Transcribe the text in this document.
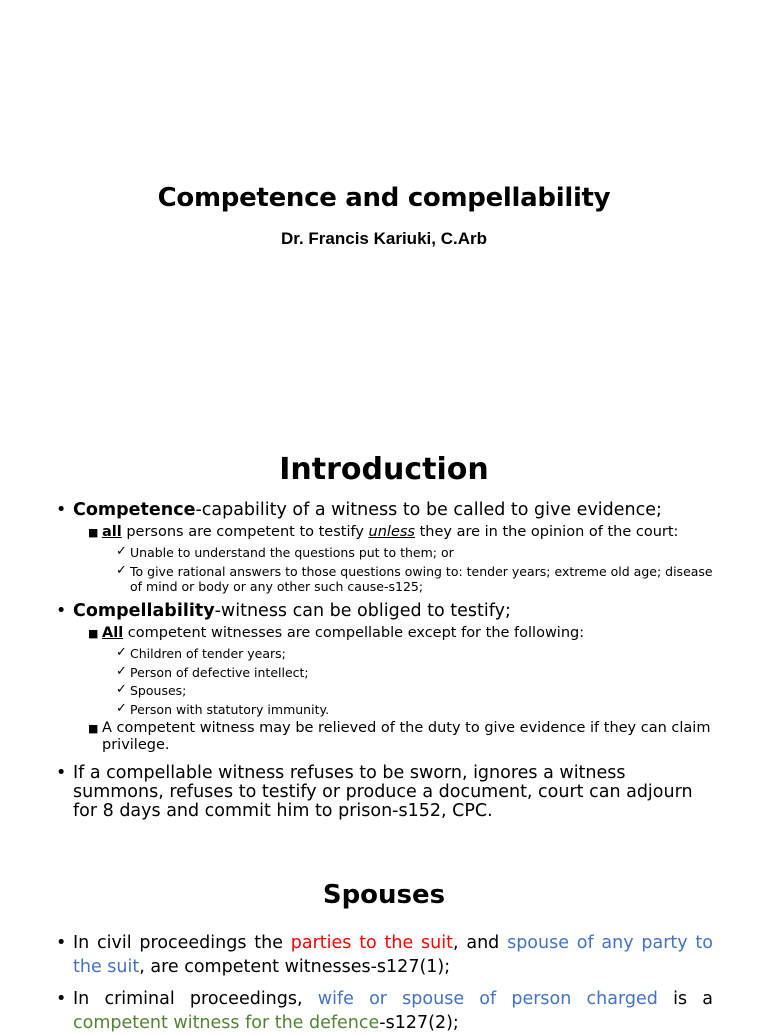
Competence and compellability
Dr. Francis Kariuki, C.Arb
Introduction
• Competence-capability of a witness to be called to give evidence;
■ all persons are competent to testify unless they are in the opinion of the court:
✓ Unable to understand the questions put to them; or
✓ To give rational answers to those questions owing to: tender years; extreme old age; disease of mind or body or any other such cause-s125;
• Compellability-witness can be obliged to testify;
■ All competent witnesses are compellable except for the following:
✓ Children of tender years;
✓ Person of defective intellect;
✓ Spouses;
✓ Person with statutory immunity.
■ A competent witness may be relieved of the duty to give evidence if they can claim privilege.
• If a compellable witness refuses to be sworn, ignores a witness summons, refuses to testify or produce a document, court can adjourn for 8 days and commit him to prison-s152, CPC.
Spouses
• In civil proceedings the parties to the suit, and spouse of any party to the suit, are competent witnesses-s127(1);
• In criminal proceedings, wife or spouse of person charged is a competent witness for the defence-s127(2);
